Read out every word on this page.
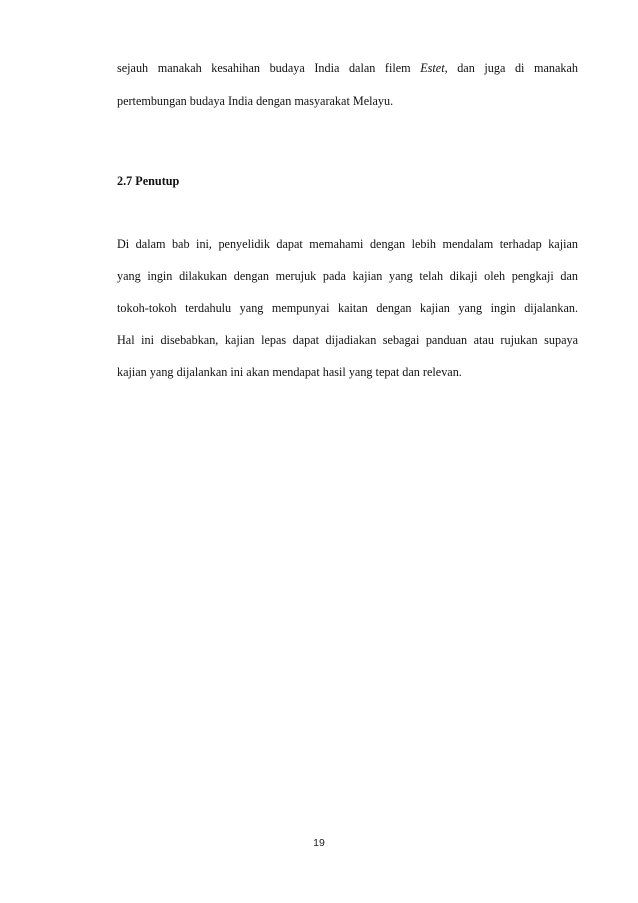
sejauh manakah kesahihan budaya India dalan filem Estet, dan juga di manakah
pertembungan budaya India dengan masyarakat Melayu.
2.7 Penutup
Di dalam bab ini, penyelidik dapat memahami dengan lebih mendalam terhadap kajian
yang ingin dilakukan dengan merujuk pada kajian yang telah dikaji oleh pengkaji dan
tokoh-tokoh terdahulu yang mempunyai kaitan dengan kajian yang ingin dijalankan.
Hal ini disebabkan, kajian lepas dapat dijadiakan sebagai panduan atau rujukan supaya
kajian yang dijalankan ini akan mendapat hasil yang tepat dan relevan.
19
